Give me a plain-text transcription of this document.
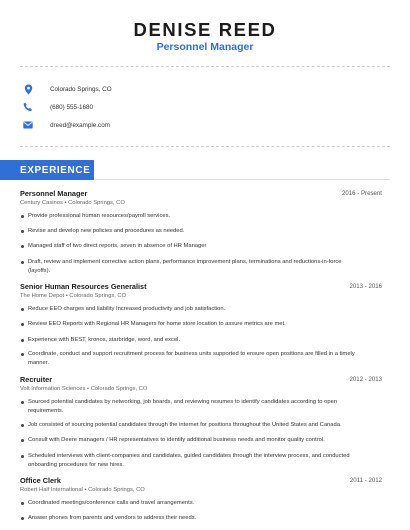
DENISE REED
Personnel Manager
Colorado Springs, CO
(680) 555-1680
dreed@example.com
EXPERIENCE
Personnel Manager	2016 - Present
Century Casinos • Colorado Springs, CO
Provide professional human resources/payroll services.
Revise and develop new policies and procedures as needed.
Managed staff of two direct reports, seven in absence of HR Manager
Draft, review and implement corrective action plans, performance improvement plans, terminations and reductions-in-force (layoffs).
Senior Human Resources Generalist	2013 - 2016
The Home Depot • Colorado Springs, CO
Reduce EEO charges and liability Increased productivity and job satisfaction.
Review EEO Reports with Regional HR Managers for home store location to assure metrics are met.
Experience with BEST, kronos, starbridge, word, and excel.
Coordinate, conduct and support recruitment process for business units supported to ensure open positions are filled in a timely manner.
Recruiter	2012 - 2013
Volt Information Sciences • Colorado Springs, CO
Sourced potential candidates by networking, job boards, and reviewing resumes to identify candidates according to open requirements.
Job consisted of sourcing potential candidates through the internet for positions throughout the United States and Canada.
Consult with Deere managers / HR representatives to identify additional business needs and monitor quality control.
Scheduled interviews with client-companies and candidates, guided candidates through the interview process, and conducted onboarding procedures for new hires.
Office Clerk	2011 - 2012
Robert Half International • Colorado Springs, CO
Coordinated meetings/conference calls and travel arrangements.
Answer phones from parents and vendors to address their needs.
